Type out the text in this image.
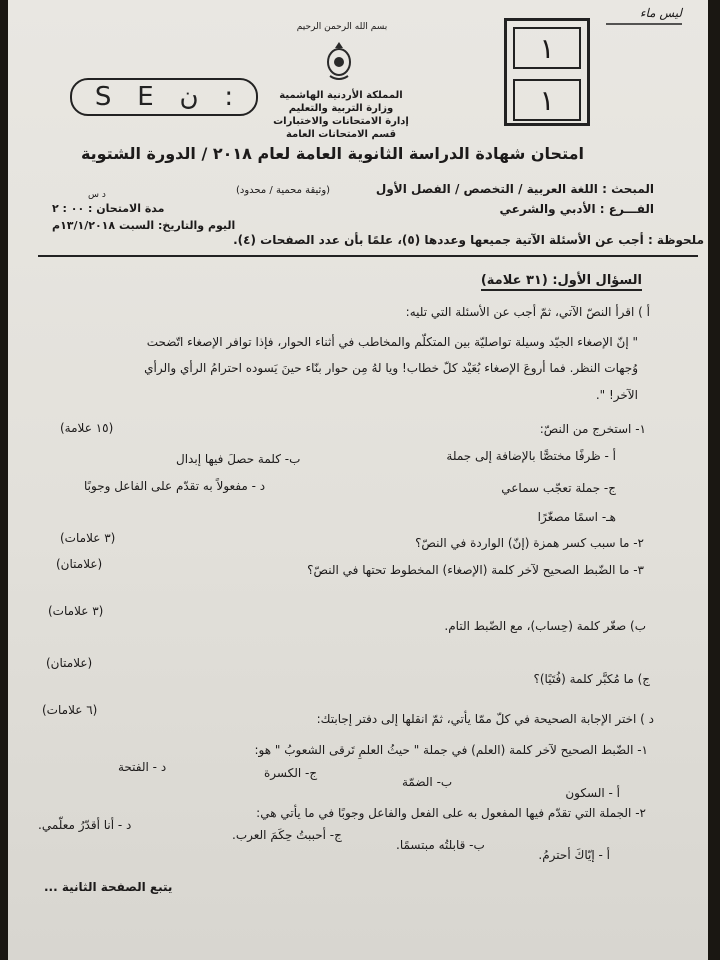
ليس ماء
١
١
بسم الله الرحمن الرحيم
المملكة الأردنية الهاشمية
وزارة التربية والتعليم
إدارة الامتحانات والاختبارات
قسم الامتحانات العامة
S E ن :
امتحان شهادة الدراسة الثانوية العامة لعام ٢٠١٨ / الدورة الشتوية
المبحث : اللغة العربية / التخصص / الفصل الأول
(وثيقة محمية / محدود)
الفـــرع : الأدبي والشرعي
مدة الامتحان : ٠٠ : ٢
د س
اليوم والتاريخ: السبت ١٣/١/٢٠١٨م
ملحوظة : أجب عن الأسئلة الآتية جميعها وعددها (٥)، علمًا بأن عدد الصفحات (٤).
السؤال الأول: (٣١ علامة)
أ ) اقرأ النصّ الآتي، ثمّ أجب عن الأسئلة التي تليه:
" إنّ الإصغاء الجيّد وسيلة تواصليّة بين المتكلّم والمخاطب في أثناء الحوار، فإذا توافر الإصغاء اتّضحت
وُجهات النظر. فما أروعَ الإصغاء بُعَيْد كلّ خطاب! ويا لهُ مِن حوار بنّاء حينَ يَسوده احترامُ الرأي والرأي
الآخر! ".
١- استخرج من النصّ:
(١٥ علامة)
أ - ظرفًا مختصًّا بالإضافة إلى جملة
ب- كلمة حصلَ فيها إبدال
ج- جملة تعجّب سماعي
د - مفعولاً به تقدّم على الفاعل وجوبًا
هـ- اسمًا مصغّرًا
٢- ما سبب كسر همزة (إنّ) الواردة في النصّ؟
(٣ علامات)
٣- ما الضّبط الصحيح لآخر كلمة (الإصغاء) المخطوط تحتها في النصّ؟
(علامتان)
(٣ علامات)
ب) صغّر كلمة (حِساب)، مع الضّبط التام.
(علامتان)
ج) ما مُكبَّر كلمة (فُتَيًا)؟
(٦ علامات)
د ) اختر الإجابة الصحيحة في كلّ ممّا يأتي، ثمّ انقلها إلى دفتر إجابتك:
١- الضّبط الصحيح لآخر كلمة (العلم) في جملة " حيثُ العلمِ تَرقى الشعوبُ " هو:
أ - السكون
ب- الضمّة
ج- الكسرة
د - الفتحة
٢- الجملة التي تقدّم فيها المفعول به على الفعل والفاعل وجوبًا في ما يأتي هي:
أ - إيّاكَ أحترمُ.
ب- قابلتُه مبتسمًا.
ج- أحببتُ حِكَمَ العرب.
د - أنا أقدّرُ معلّمي.
يتبع الصفحة الثانية ...
